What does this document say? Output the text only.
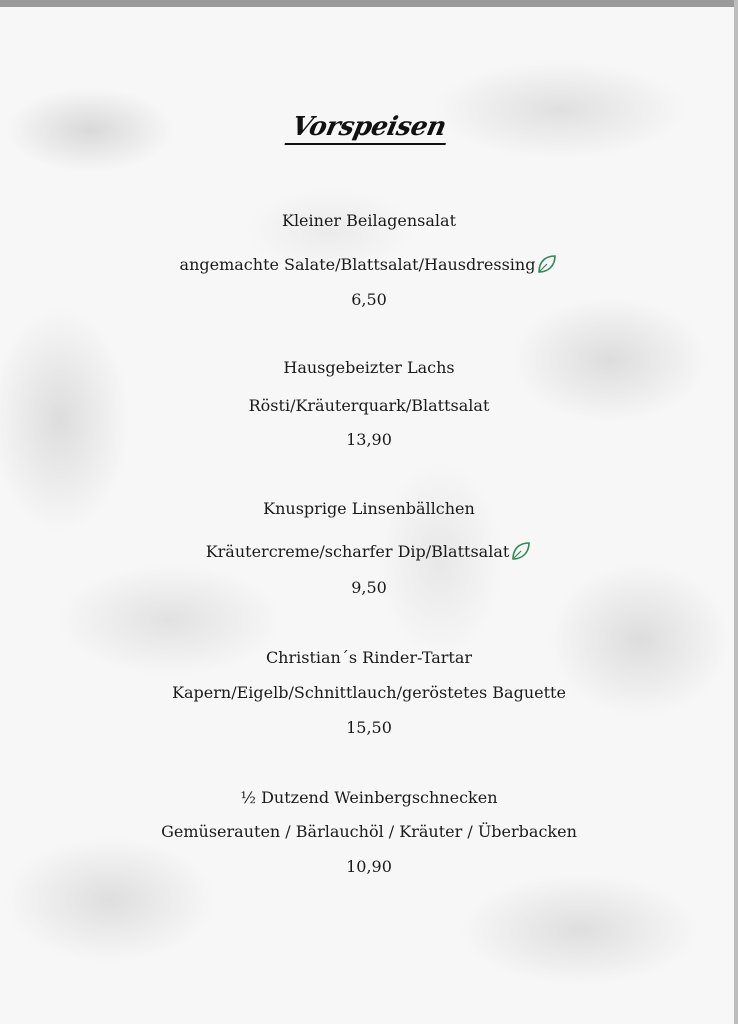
Vorspeisen
Kleiner Beilagensalat
angemachte Salate/Blattsalat/Hausdressing
6,50
Hausgebeizter Lachs
Rösti/Kräuterquark/Blattsalat
13,90
Knusprige Linsenbällchen
Kräutercreme/scharfer Dip/Blattsalat
9,50
Christian´s Rinder-Tartar
Kapern/Eigelb/Schnittlauch/geröstetes Baguette
15,50
½ Dutzend Weinbergschnecken
Gemüserauten / Bärlauchöl / Kräuter / Überbacken
10,90
